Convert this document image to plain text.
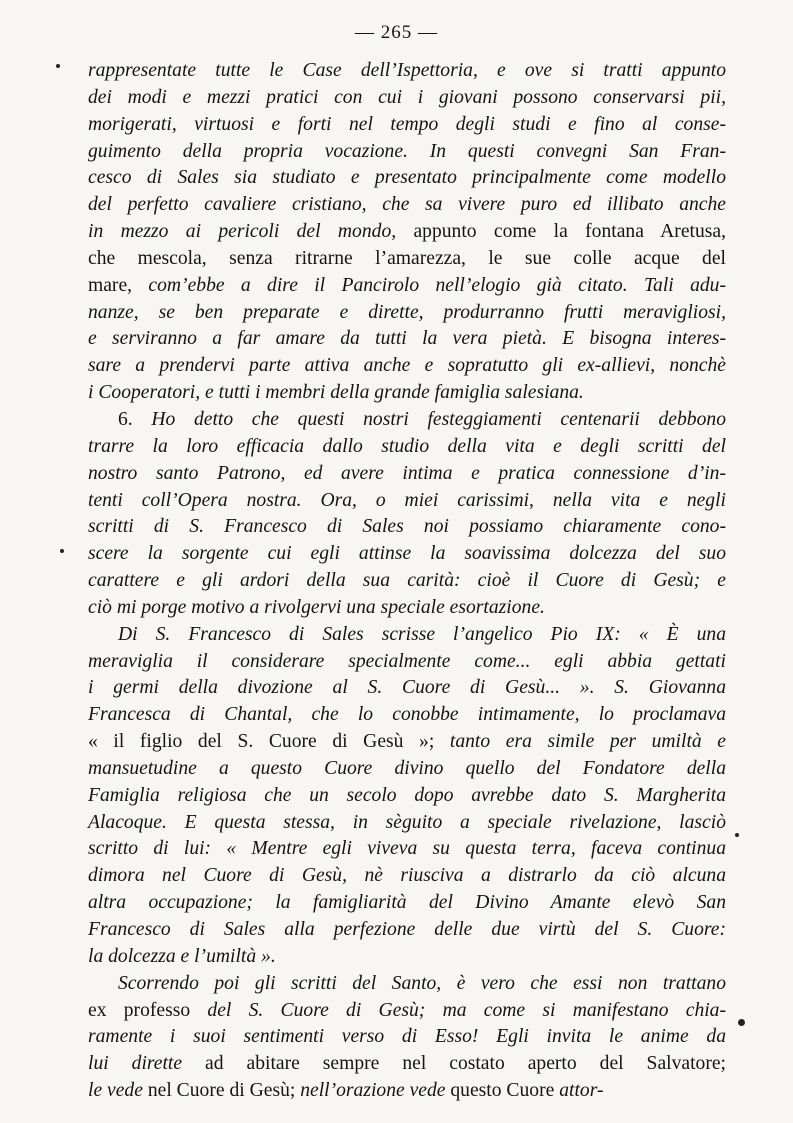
— 265 —
rappresentate tutte le Case dell’Ispettoria, e ove si tratti appunto
dei modi e mezzi pratici con cui i giovani possono conservarsi pii,
morigerati, virtuosi e forti nel tempo degli studi e fino al conse-
guimento della propria vocazione. In questi convegni San Fran-
cesco di Sales sia studiato e presentato principalmente come modello
del perfetto cavaliere cristiano, che sa vivere puro ed illibato anche
in mezzo ai pericoli del mondo, appunto come la fontana Aretusa,
che mescola, senza ritrarne l’amarezza, le sue colle acque del
mare, com’ebbe a dire il Pancirolo nell’elogio già citato. Tali adu-
nanze, se ben preparate e dirette, produrranno frutti meravigliosi,
e serviranno a far amare da tutti la vera pietà. E bisogna interes-
sare a prendervi parte attiva anche e sopratutto gli ex-allievi, nonchè
i Cooperatori, e tutti i membri della grande famiglia salesiana.
6. Ho detto che questi nostri festeggiamenti centenarii debbono
trarre la loro efficacia dallo studio della vita e degli scritti del
nostro santo Patrono, ed avere intima e pratica connessione d’in-
tenti coll’Opera nostra. Ora, o miei carissimi, nella vita e negli
scritti di S. Francesco di Sales noi possiamo chiaramente cono-
scere la sorgente cui egli attinse la soavissima dolcezza del suo
carattere e gli ardori della sua carità: cioè il Cuore di Gesù; e
ciò mi porge motivo a rivolgervi una speciale esortazione.
Di S. Francesco di Sales scrisse l’angelico Pio IX: « È una
meraviglia il considerare specialmente come... egli abbia gettati
i germi della divozione al S. Cuore di Gesù... ». S. Giovanna
Francesca di Chantal, che lo conobbe intimamente, lo proclamava
« il figlio del S. Cuore di Gesù »; tanto era simile per umiltà e
mansuetudine a questo Cuore divino quello del Fondatore della
Famiglia religiosa che un secolo dopo avrebbe dato S. Margherita
Alacoque. E questa stessa, in sèguito a speciale rivelazione, lasciò
scritto di lui: « Mentre egli viveva su questa terra, faceva continua
dimora nel Cuore di Gesù, nè riusciva a distrarlo da ciò alcuna
altra occupazione; la famigliarità del Divino Amante elevò San
Francesco di Sales alla perfezione delle due virtù del S. Cuore:
la dolcezza e l’umiltà ».
Scorrendo poi gli scritti del Santo, è vero che essi non trattano
ex professo del S. Cuore di Gesù; ma come si manifestano chia-
ramente i suoi sentimenti verso di Esso! Egli invita le anime da
lui dirette ad abitare sempre nel costato aperto del Salvatore;
le vede nel Cuore di Gesù; nell’orazione vede questo Cuore attor-
